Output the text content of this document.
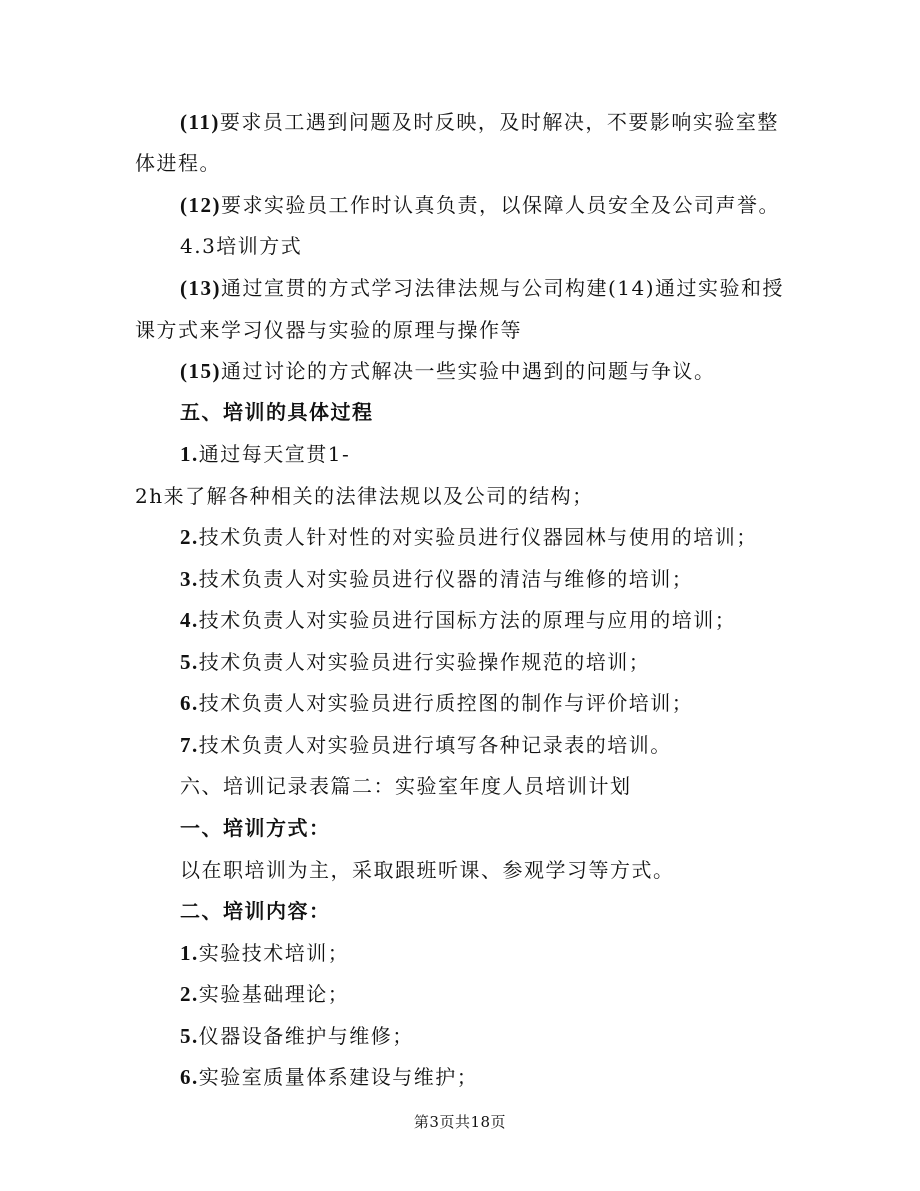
(11)要求员工遇到问题及时反映，及时解决，不要影响实验室整
体进程。
(12)要求实验员工作时认真负责，以保障人员安全及公司声誉。
4.3培训方式
(13)通过宣贯的方式学习法律法规与公司构建(14)通过实验和授
课方式来学习仪器与实验的原理与操作等
(15)通过讨论的方式解决一些实验中遇到的问题与争议。
五、培训的具体过程
1.通过每天宣贯1-
2h来了解各种相关的法律法规以及公司的结构；
2.技术负责人针对性的对实验员进行仪器园林与使用的培训；
3.技术负责人对实验员进行仪器的清洁与维修的培训；
4.技术负责人对实验员进行国标方法的原理与应用的培训；
5.技术负责人对实验员进行实验操作规范的培训；
6.技术负责人对实验员进行质控图的制作与评价培训；
7.技术负责人对实验员进行填写各种记录表的培训。
六、培训记录表篇二：实验室年度人员培训计划
一、培训方式：
以在职培训为主，采取跟班听课、参观学习等方式。
二、培训内容：
1.实验技术培训；
2.实验基础理论；
5.仪器设备维护与维修；
6.实验室质量体系建设与维护；
第3页共18页
